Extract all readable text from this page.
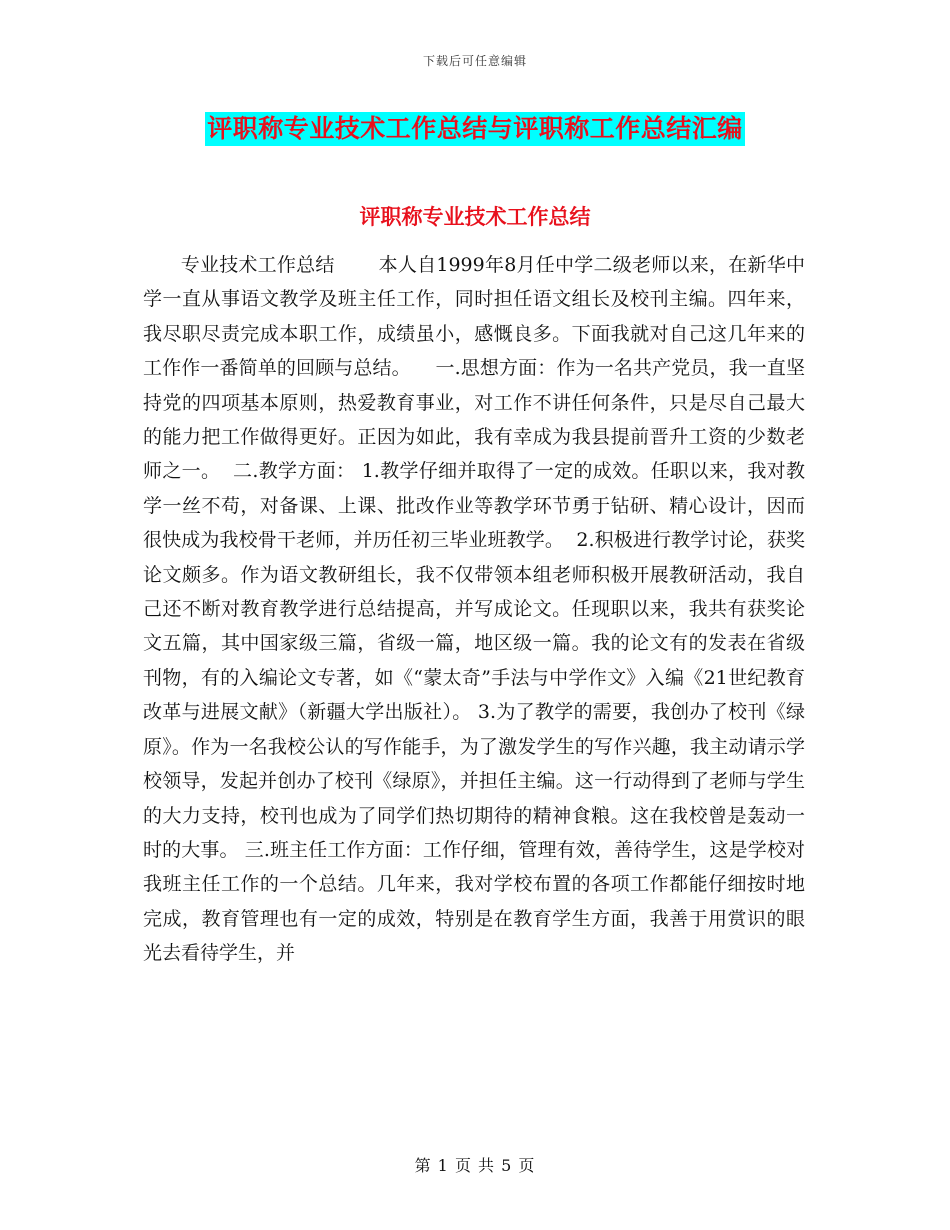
下载后可任意编辑
评职称专业技术工作总结与评职称工作总结汇编
评职称专业技术工作总结

专业技术工作总结       本人自1999年8月任中学二级老师以来，在新华中学一直从事语文教学及班主任工作，同时担任语文组长及校刊主编。四年来，我尽职尽责完成本职工作，成绩虽小，感慨良多。下面我就对自己这几年来的工作作一番简单的回顾与总结。    一.思想方面：作为一名共产党员，我一直坚持党的四项基本原则，热爱教育事业，对工作不讲任何条件，只是尽自己最大的能力把工作做得更好。正因为如此，我有幸成为我县提前晋升工资的少数老师之一。  二.教学方面： 1.教学仔细并取得了一定的成效。任职以来，我对教学一丝不苟，对备课、上课、批改作业等教学环节勇于钻研、精心设计，因而很快成为我校骨干老师，并历任初三毕业班教学。  2.积极进行教学讨论，获奖论文颇多。作为语文教研组长，我不仅带领本组老师积极开展教研活动，我自己还不断对教育教学进行总结提高，并写成论文。任现职以来，我共有获奖论文五篇，其中国家级三篇，省级一篇，地区级一篇。我的论文有的发表在省级刊物，有的入编论文专著，如《“蒙太奇”手法与中学作文》入编《21世纪教育改革与进展文献》（新疆大学出版社）。 3.为了教学的需要，我创办了校刊《绿原》。作为一名我校公认的写作能手，为了激发学生的写作兴趣，我主动请示学校领导，发起并创办了校刊《绿原》，并担任主编。这一行动得到了老师与学生的大力支持，校刊也成为了同学们热切期待的精神食粮。这在我校曾是轰动一时的大事。 三.班主任工作方面：工作仔细，管理有效，善待学生，这是学校对我班主任工作的一个总结。几年来，我对学校布置的各项工作都能仔细按时地完成，教育管理也有一定的成效，特别是在教育学生方面，我善于用赏识的眼光去看待学生，并

第 1 页 共 5 页
